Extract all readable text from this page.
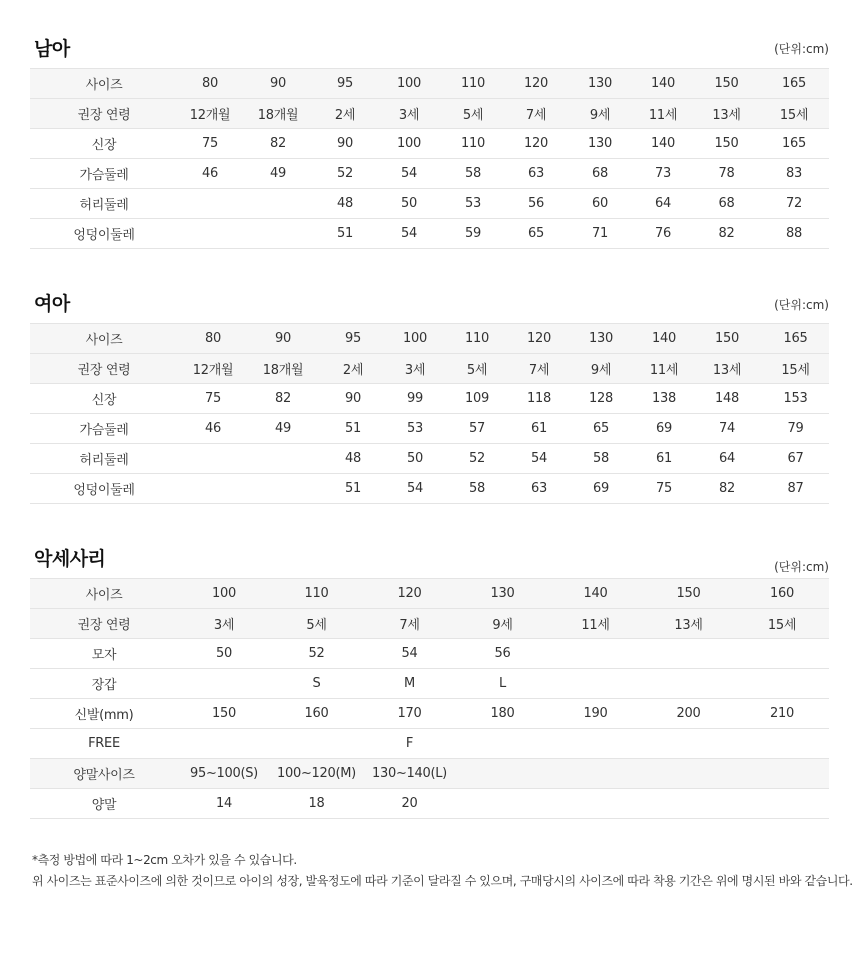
남아	(단위:cm)
사이즈	80	90	95	100	110	120	130	140	150	165
권장 연령	12개월	18개월	2세	3세	5세	7세	9세	11세	13세	15세
신장	75	82	90	100	110	120	130	140	150	165
가슴둘레	46	49	52	54	58	63	68	73	78	83
허리둘레			48	50	53	56	60	64	68	72
엉덩이둘레			51	54	59	65	71	76	82	88
여아	(단위:cm)
사이즈	80	90	95	100	110	120	130	140	150	165
권장 연령	12개월	18개월	2세	3세	5세	7세	9세	11세	13세	15세
신장	75	82	90	99	109	118	128	138	148	153
가슴둘레	46	49	51	53	57	61	65	69	74	79
허리둘레			48	50	52	54	58	61	64	67
엉덩이둘레			51	54	58	63	69	75	82	87
악세사리	(단위:cm)
사이즈	100	110	120	130	140	150	160
권장 연령	3세	5세	7세	9세	11세	13세	15세
모자	50	52	54	56			
장갑		S	M	L			
신발(mm)	150	160	170	180	190	200	210
FREE			F				
양말사이즈	95~100(S)	100~120(M)	130~140(L)				
양말	14	18	20				
*측정 방법에 따라 1~2cm 오차가 있을 수 있습니다.
위 사이즈는 표준사이즈에 의한 것이므로 아이의 성장, 발육정도에 따라 기준이 달라질 수 있으며, 구매당시의 사이즈에 따라 착용 기간은 위에 명시된 바와 같습니다.
